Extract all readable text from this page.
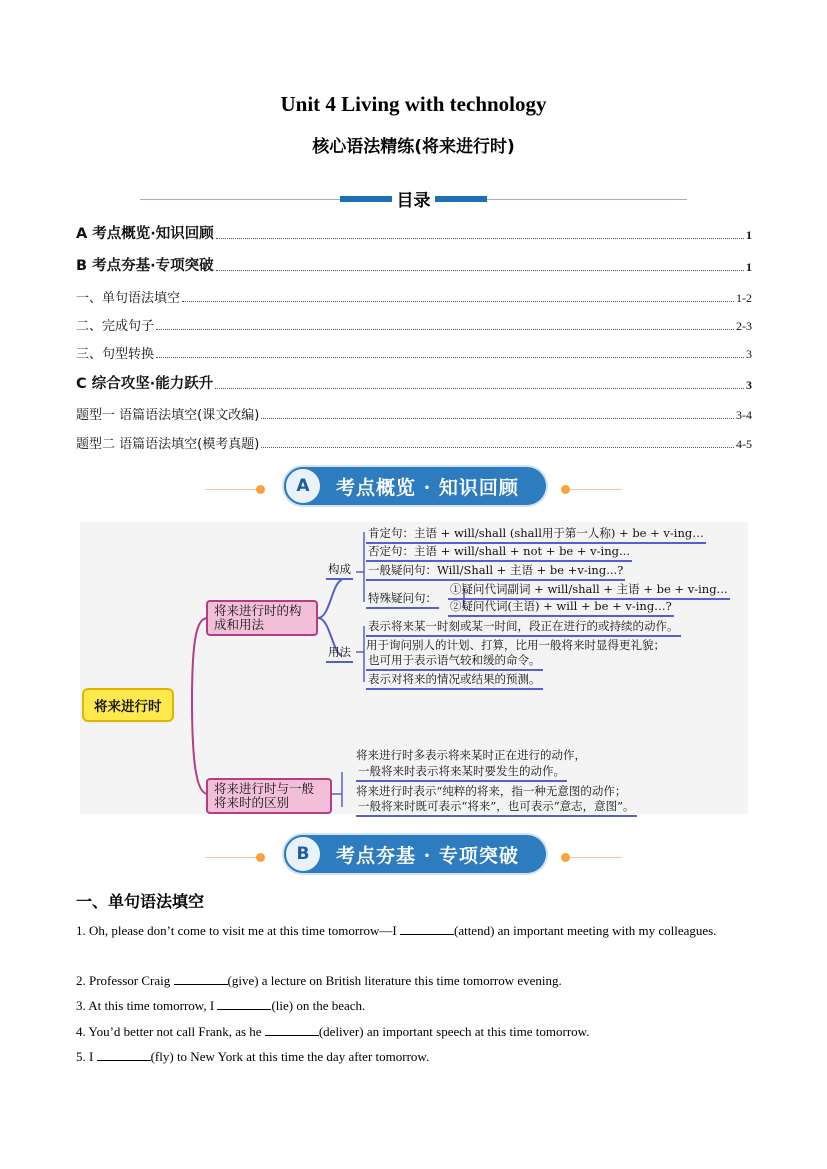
Unit 4 Living with technology
核心语法精练(将来进行时)
目录
A 考点概览·知识回顾	1
B 考点夯基·专项突破	1
一、单句语法填空	1-2
二、完成句子	2-3
三、句型转换	3
C 综合攻坚·能力跃升	3
题型一 语篇语法填空(课文改编)	3-4
题型二 语篇语法填空(模考真题)	4-5
A	考点概览 · 知识回顾
将来进行时
将来进行时的构成和用法
将来进行时与一般将来时的区别
构成
用法
肯定句：主语 + will/shall (shall用于第一人称) + be + v-ing…
否定句：主语 + will/shall + not + be + v-ing...
一般疑问句：Will/Shall + 主语 + be +v-ing...?
特殊疑问句：
①疑问代词副词 + will/shall + 主语 + be + v-ing...
②疑问代词(主语) + will + be + v-ing…?
表示将来某一时刻或某一时间，段正在进行的或持续的动作。
用于询问别人的计划、打算，比用一般将来时显得更礼貌；
也可用于表示语气较和缓的命令。
表示对将来的情况或结果的预测。
将来进行时多表示将来某时正在进行的动作，
一般将来时表示将来某时要发生的动作。
将来进行时表示“纯粹的将来，指一种无意图的动作；
一般将来时既可表示“将来”，也可表示”意志，意图”。
B	考点夯基 · 专项突破
一、单句语法填空
1. Oh, please don’t come to visit me at this time tomorrow—I	(attend) an important meeting with my colleagues.
2. Professor Craig	(give) a lecture on British literature this time tomorrow evening.
3. At this time tomorrow, I	(lie) on the beach.
4. You’d better not call Frank, as he	(deliver) an important speech at this time tomorrow.
5. I	(fly) to New York at this time the day after tomorrow.
